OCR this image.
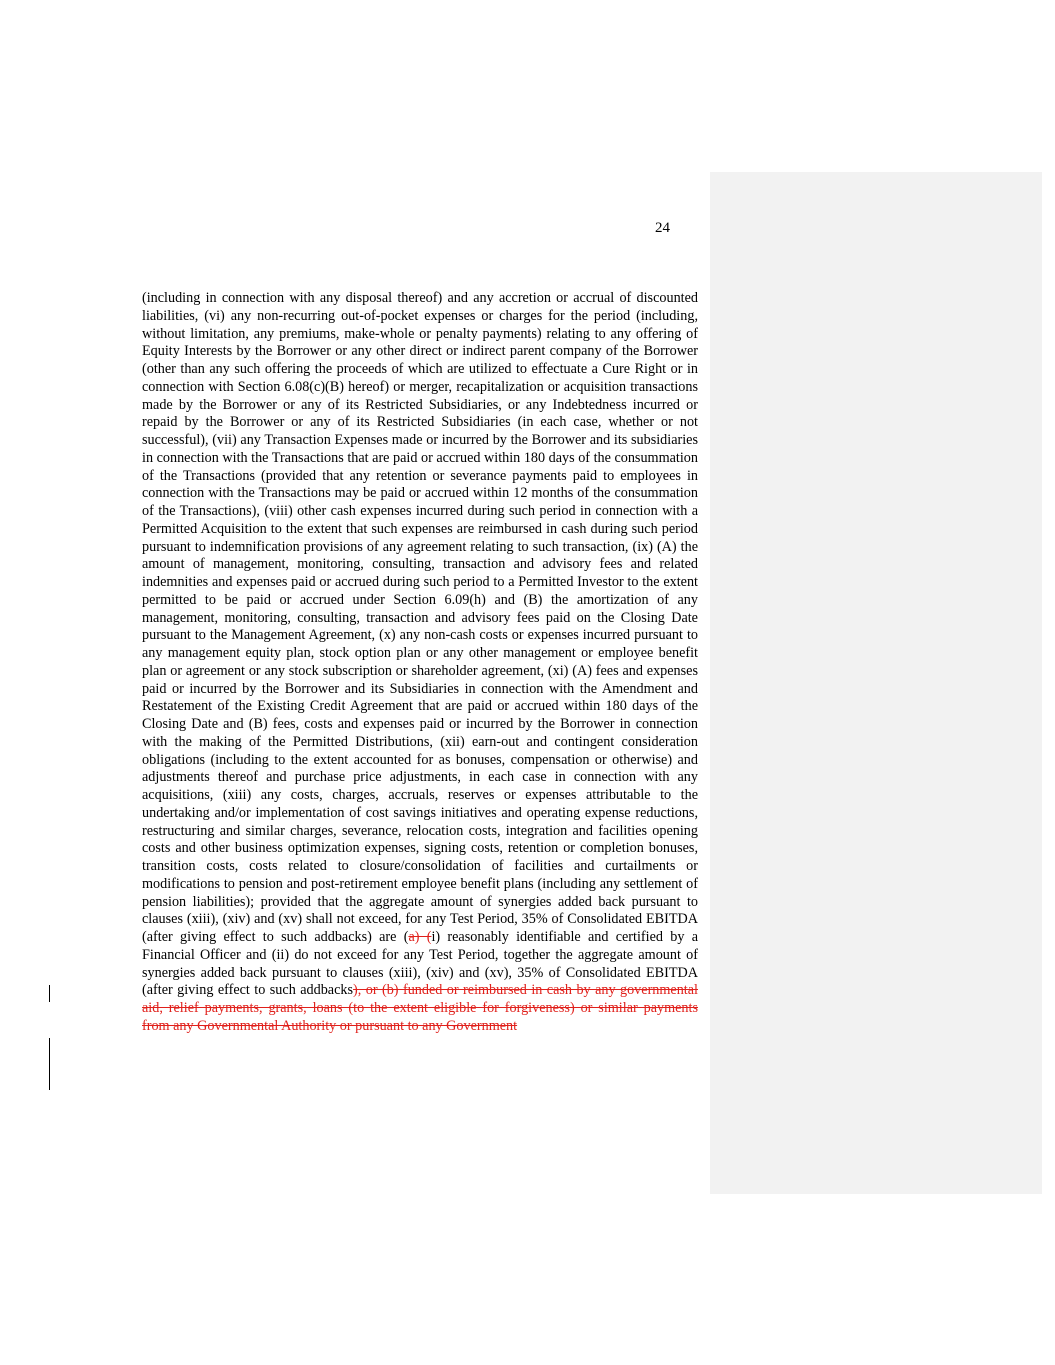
24

(including in connection with any disposal thereof) and any accretion or accrual of discounted liabilities, (vi) any non-recurring out-of-pocket expenses or charges for the period (including, without limitation, any premiums, make-whole or penalty payments) relating to any offering of Equity Interests by the Borrower or any other direct or indirect parent company of the Borrower (other than any such offering the proceeds of which are utilized to effectuate a Cure Right or in connection with Section 6.08(c)(B) hereof) or merger, recapitalization or acquisition transactions made by the Borrower or any of its Restricted Subsidiaries, or any Indebtedness incurred or repaid by the Borrower or any of its Restricted Subsidiaries (in each case, whether or not successful), (vii) any Transaction Expenses made or incurred by the Borrower and its subsidiaries in connection with the Transactions that are paid or accrued within 180 days of the consummation of the Transactions (provided that any retention or severance payments paid to employees in connection with the Transactions may be paid or accrued within 12 months of the consummation of the Transactions), (viii) other cash expenses incurred during such period in connection with a Permitted Acquisition to the extent that such expenses are reimbursed in cash during such period pursuant to indemnification provisions of any agreement relating to such transaction, (ix) (A) the amount of management, monitoring, consulting, transaction and advisory fees and related indemnities and expenses paid or accrued during such period to a Permitted Investor to the extent permitted to be paid or accrued under Section 6.09(h) and (B) the amortization of any management, monitoring, consulting, transaction and advisory fees paid on the Closing Date pursuant to the Management Agreement, (x) any non-cash costs or expenses incurred pursuant to any management equity plan, stock option plan or any other management or employee benefit plan or agreement or any stock subscription or shareholder agreement, (xi) (A) fees and expenses paid or incurred by the Borrower and its Subsidiaries in connection with the Amendment and Restatement of the Existing Credit Agreement that are paid or accrued within 180 days of the Closing Date and (B) fees, costs and expenses paid or incurred by the Borrower in connection with the making of the Permitted Distributions, (xii) earn-out and contingent consideration obligations (including to the extent accounted for as bonuses, compensation or otherwise) and adjustments thereof and purchase price adjustments, in each case in connection with any acquisitions, (xiii) any costs, charges, accruals, reserves or expenses attributable to the undertaking and/or implementation of cost savings initiatives and operating expense reductions, restructuring and similar charges, severance, relocation costs, integration and facilities opening costs and other business optimization expenses, signing costs, retention or completion bonuses, transition costs, costs related to closure/consolidation of facilities and curtailments or modifications to pension and post-retirement employee benefit plans (including any settlement of pension liabilities); provided that the aggregate amount of synergies added back pursuant to clauses (xiii), (xiv) and (xv) shall not exceed, for any Test Period, 35% of Consolidated EBITDA (after giving effect to such addbacks) are (a) (i) reasonably identifiable and certified by a Financial Officer and (ii) do not exceed for any Test Period, together the aggregate amount of synergies added back pursuant to clauses (xiii), (xiv) and (xv), 35% of Consolidated EBITDA (after giving effect to such addbacks), or (b) funded or reimbursed in cash by any governmental aid, relief payments, grants, loans (to the extent eligible for forgiveness) or similar payments from any Governmental Authority or pursuant to any Government
